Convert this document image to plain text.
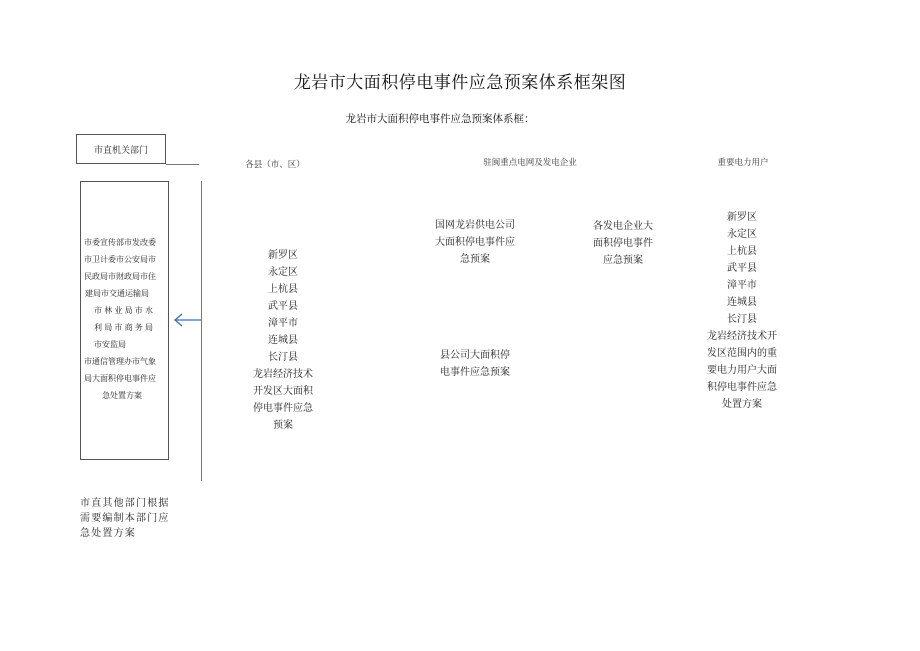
龙岩市大面积停电事件应急预案体系框架图
龙岩市大面积停电事件应急预案体系框：
市直机关部门
市委宣传部市发改委
市卫计委市公安局市
民政局市财政局市住
建局市交通运输局
市林业局市水
利局市商务局
市安监局
市通信管理办市气象
局大面积停电事件应
急处置方案
市直其他部门根据需要编制本部门应急处置方案
各县（市、区）
新罗区
永定区
上杭县
武平县
漳平市
连城县
长汀县
龙岩经济技术
开发区大面积
停电事件应急
预案
驻闽重点电网及发电企业
国网龙岩供电公司
大面积停电事件应
急预案
县公司大面积停
电事件应急预案
各发电企业大
面积停电事件
应急预案
重要电力用户
新罗区
永定区
上杭县
武平县
漳平市
连城县
长汀县
龙岩经济技术开
发区范围内的重
要电力用户大面
积停电事件应急
处置方案
